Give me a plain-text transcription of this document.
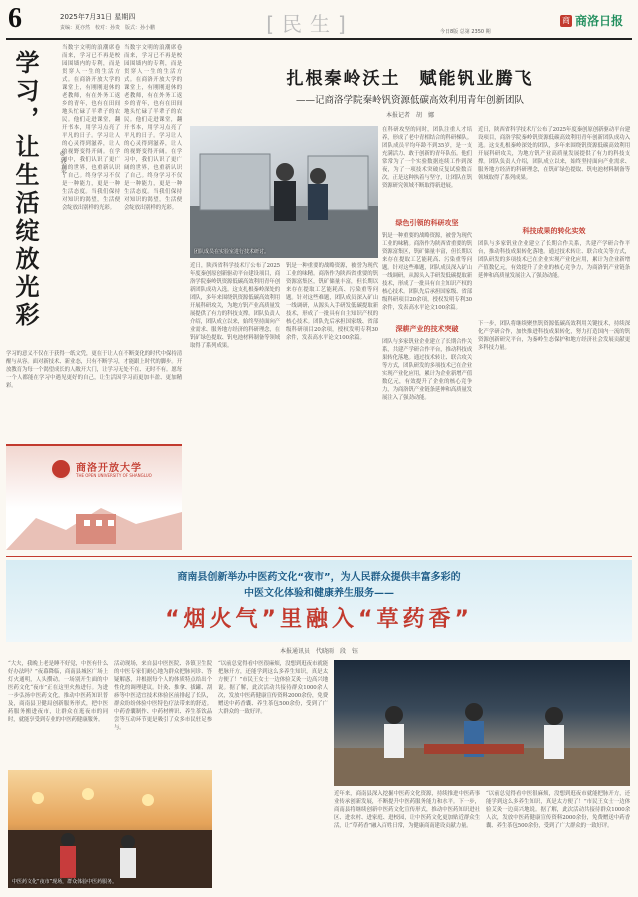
6	2025年7月31日 星期四
责编：夏亦然　校对：孙贵　版式：孙小鹏	[民生]	今日8版 总第 2350 期
商 商洛日报
学习，让生活绽放光彩	◎郭五平
当数字文明的浪潮席卷而来，学习已不再是校园围墙内的专利，而是贯穿人一生的生活方式。在商洛开放大学的课堂上，有刚刚退休的老教师，有在外务工返乡的青年，也有在田间地头忙碌了半辈子的农民。他们走进课堂，翻开书本，用学习点亮了平凡的日子。学习让人的心灵得到滋养，让人的视野变得开阔。在学习中，我们认识了更广阔的世界，也重新认识了自己。终身学习不仅是一种能力，更是一种生活态度。当我们保持对知识的渴望，生活便会绽放出别样的光彩。
当数字文明的浪潮席卷而来，学习已不再是校园围墙内的专利，而是贯穿人一生的生活方式。在商洛开放大学的课堂上，有刚刚退休的老教师，有在外务工返乡的青年，也有在田间地头忙碌了半辈子的农民。他们走进课堂，翻开书本，用学习点亮了平凡的日子。学习让人的心灵得到滋养，让人的视野变得开阔。在学习中，我们认识了更广阔的世界，也重新认识了自己。终身学习不仅是一种能力，更是一种生活态度。当我们保持对知识的渴望，生活便会绽放出别样的光彩。
学习的意义不仅在于获得一纸文凭，更在于让人在不断变化的时代中保持清醒与从容。面对新技术、新业态，只有不断学习，才能跟上时代的脚步。开放教育为每一个渴望成长的人敞开大门，让学习无处不在、无时不有。愿每一个人都能在学习中遇见更好的自己，让生活因学习而更加丰盈、更加精彩。
商洛开放大学
THE OPEN UNIVERSITY OF SHANGLUO
扎根秦岭沃土　赋能钒业腾飞
——记商洛学院秦岭钒资源低碳高效利用青年创新团队
本报记者　胡　娜
团队成员在实验室进行技术研讨。
近日，陕西省科学技术厅公布了2025年度秦创原创新驱动平台建设项目，商洛学院秦岭钒资源低碳高效利用青年创新团队成功入选。这支扎根秦岭深处的团队，多年来围绕钒资源低碳高效利用开展科研攻关，为地方钒产业高质量发展提供了有力的科技支撑。团队负责人介绍，团队成立以来，始终坚持面向产业需求、服务地方经济的科研理念，在钒矿绿色提取、钒电池材料制备等领域取得了系列成果。
钒是一种重要的战略资源，被誉为现代工业的味精。商洛作为陕西省重要的钒资源富集区，钒矿储量丰富，但长期以来存在提取工艺能耗高、污染重等问题。针对这些难题，团队成员深入矿山一线调研，从源头入手研发低碳提取新技术，形成了一批具有自主知识产权的核心技术。团队先后承担国家级、省部级科研项目20余项，授权发明专利30余件，发表高水平论文100余篇。
在科研攻坚的同时，团队注重人才培养，形成了老中青相结合的科研梯队。团队成员平均年龄不到35岁，是一支充满活力、敢于创新的青年队伍。他们常常为了一个实验数据连续工作到深夜，为了一项技术突破反复试验数百次。正是这种执着与坚守，让团队在钒资源研究领域不断取得新进展。
绿色引领的科研攻坚
钒是一种重要的战略资源，被誉为现代工业的味精。商洛作为陕西省重要的钒资源富集区，钒矿储量丰富，但长期以来存在提取工艺能耗高、污染重等问题。针对这些难题，团队成员深入矿山一线调研，从源头入手研发低碳提取新技术，形成了一批具有自主知识产权的核心技术。团队先后承担国家级、省部级科研项目20余项，授权发明专利30余件，发表高水平论文100余篇。
深耕产业的技术突破
团队与多家钒业企业建立了长期合作关系，共建产学研合作平台，推动科技成果转化落地。通过技术转让、联合攻关等方式，团队研发的多项技术已在企业实现产业化应用，累计为企业新增产值数亿元，有效提升了企业的核心竞争力，为商洛钒产业链条延伸和高质量发展注入了强劲动能。
近日，陕西省科学技术厅公布了2025年度秦创原创新驱动平台建设项目，商洛学院秦岭钒资源低碳高效利用青年创新团队成功入选。这支扎根秦岭深处的团队，多年来围绕钒资源低碳高效利用开展科研攻关，为地方钒产业高质量发展提供了有力的科技支撑。团队负责人介绍，团队成立以来，始终坚持面向产业需求、服务地方经济的科研理念，在钒矿绿色提取、钒电池材料制备等领域取得了系列成果。
科技成果的转化实效
团队与多家钒业企业建立了长期合作关系，共建产学研合作平台，推动科技成果转化落地。通过技术转让、联合攻关等方式，团队研发的多项技术已在企业实现产业化应用，累计为企业新增产值数亿元，有效提升了企业的核心竞争力，为商洛钒产业链条延伸和高质量发展注入了强劲动能。
下一步，团队将继续聚焦钒资源低碳高效利用关键技术，持续深化产学研合作，加快推进科技成果转化，努力打造国内一流的钒资源创新研究平台，为秦岭生态保护和地方经济社会发展贡献更多科技力量。
商南县创新举办中医药文化“夜市”，为人民群众提供丰富多彩的
中医文化体验和健康养生服务——
“烟火气”里融入“草药香”
本报通讯员　代晓雨　段　钰
“大夫，我晚上老是睡不好觉，中医有什么好办法吗？”夜幕降临，商南县城区广场上灯火通明，人头攒动。一场别开生面的中医药文化“夜市”正在这里火热进行。为进一步弘扬中医药文化，推动中医药知识普及，商南县卫健局创新服务形式，把中医药服务搬进夜市，让群众在逛夜市的同时，就能享受到专业的中医药健康服务。
活动现场，来自县中医医院、各镇卫生院的中医专家们耐心地为群众把脉问诊、答疑解惑，并根据每个人的体质特点给出个性化的调理建议。针灸、推拿、拔罐、刮痧等中医适宜技术体验区前排起了长队，群众纷纷体验中医特色疗法带来的舒适。中药香囊制作、中药材辨识、养生茶饮品尝等互动环节更是吸引了众多市民驻足参与。
“以前总觉得看中医很麻烦，没想到逛夜市就能把脉开方，还能学到这么多养生知识，真是太方便了！”市民王女士一边体验艾灸一边高兴地说。据了解，此次活动共接待群众1000余人次，发放中医药健康宣传资料2000余份，免费赠送中药香囊、养生茶包500余份，受到了广大群众的一致好评。
中医药文化“夜市”现场，群众体验中医药服务。
近年来，商南县深入挖掘中医药文化资源，持续推进中医药事业传承创新发展，不断提升中医药服务能力和水平。下一步，商南县将继续创新中医药文化宣传形式，推动中医药知识进社区、进农村、进家庭、进校园，让中医药文化更加贴近群众生活，让“草药香”融入百姓日常，为健康商南建设贡献力量。
“以前总觉得看中医很麻烦，没想到逛夜市就能把脉开方，还能学到这么多养生知识，真是太方便了！”市民王女士一边体验艾灸一边高兴地说。据了解，此次活动共接待群众1000余人次，发放中医药健康宣传资料2000余份，免费赠送中药香囊、养生茶包500余份，受到了广大群众的一致好评。
